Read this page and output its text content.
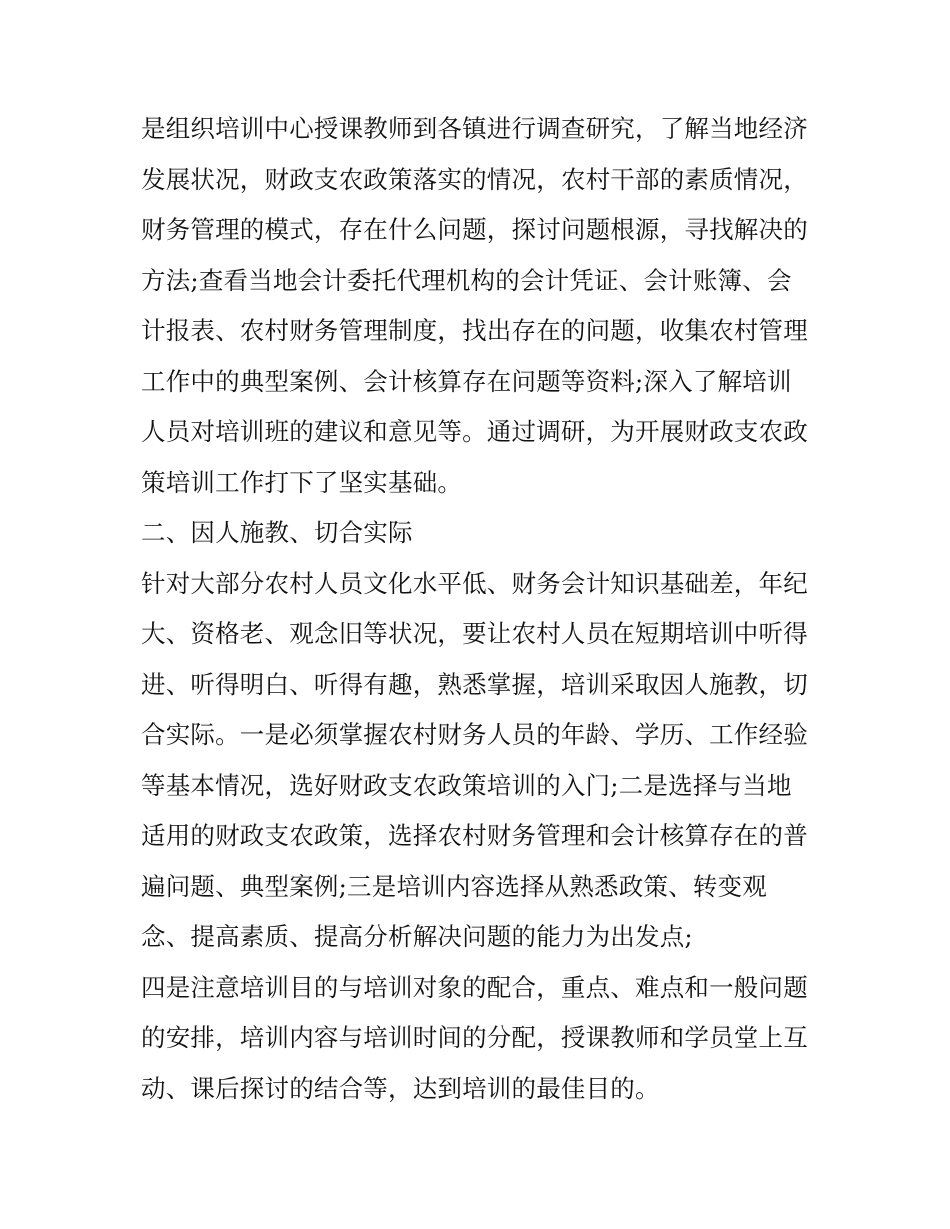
是组织培训中心授课教师到各镇进行调查研究，了解当地经济
发展状况，财政支农政策落实的情况，农村干部的素质情况，
财务管理的模式，存在什么问题，探讨问题根源，寻找解决的
方法;查看当地会计委托代理机构的会计凭证、会计账簿、会
计报表、农村财务管理制度，找出存在的问题，收集农村管理
工作中的典型案例、会计核算存在问题等资料;深入了解培训
人员对培训班的建议和意见等。通过调研，为开展财政支农政
策培训工作打下了坚实基础。
二、因人施教、切合实际
针对大部分农村人员文化水平低、财务会计知识基础差，年纪
大、资格老、观念旧等状况，要让农村人员在短期培训中听得
进、听得明白、听得有趣，熟悉掌握，培训采取因人施教，切
合实际。一是必须掌握农村财务人员的年龄、学历、工作经验
等基本情况，选好财政支农政策培训的入门;二是选择与当地
适用的财政支农政策，选择农村财务管理和会计核算存在的普
遍问题、典型案例;三是培训内容选择从熟悉政策、转变观
念、提高素质、提高分析解决问题的能力为出发点;
四是注意培训目的与培训对象的配合，重点、难点和一般问题
的安排，培训内容与培训时间的分配，授课教师和学员堂上互
动、课后探讨的结合等，达到培训的最佳目的。
